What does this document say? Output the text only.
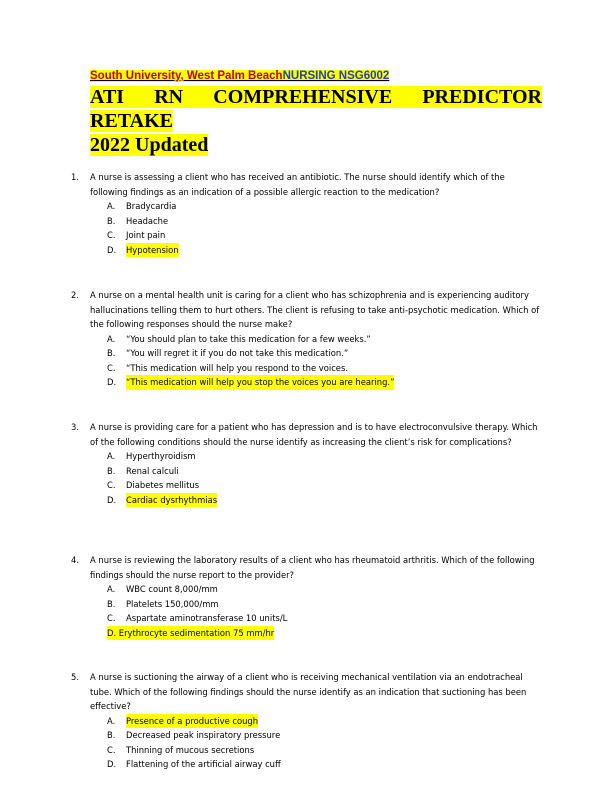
South University, West Palm BeachNURSING NSG6002
ATI RN COMPREHENSIVE PREDICTOR RETAKE
2022 Updated
1. A nurse is assessing a client who has received an antibiotic. The nurse should identify which of the following findings as an indication of a possible allergic reaction to the medication?
A. Bradycardia
B. Headache
C. Joint pain
D. Hypotension
2. A nurse on a mental health unit is caring for a client who has schizophrenia and is experiencing auditory hallucinations telling them to hurt others. The client is refusing to take anti-psychotic medication. Which of the following responses should the nurse make?
A. “You should plan to take this medication for a few weeks.”
B. “You will regret it if you do not take this medication.”
C. “This medication will help you respond to the voices.
D. “This medication will help you stop the voices you are hearing.”
3. A nurse is providing care for a patient who has depression and is to have electroconvulsive therapy. Which of the following conditions should the nurse identify as increasing the client’s risk for complications?
A. Hyperthyroidism
B. Renal calculi
C. Diabetes mellitus
D. Cardiac dysrhythmias
4. A nurse is reviewing the laboratory results of a client who has rheumatoid arthritis. Which of the following findings should the nurse report to the provider?
A. WBC count 8,000/mm
B. Platelets 150,000/mm
C. Aspartate aminotransferase 10 units/L
D. Erythrocyte sedimentation 75 mm/hr
5. A nurse is suctioning the airway of a client who is receiving mechanical ventilation via an endotracheal tube. Which of the following findings should the nurse identify as an indication that suctioning has been effective?
A. Presence of a productive cough
B. Decreased peak inspiratory pressure
C. Thinning of mucous secretions
D. Flattening of the artificial airway cuff
